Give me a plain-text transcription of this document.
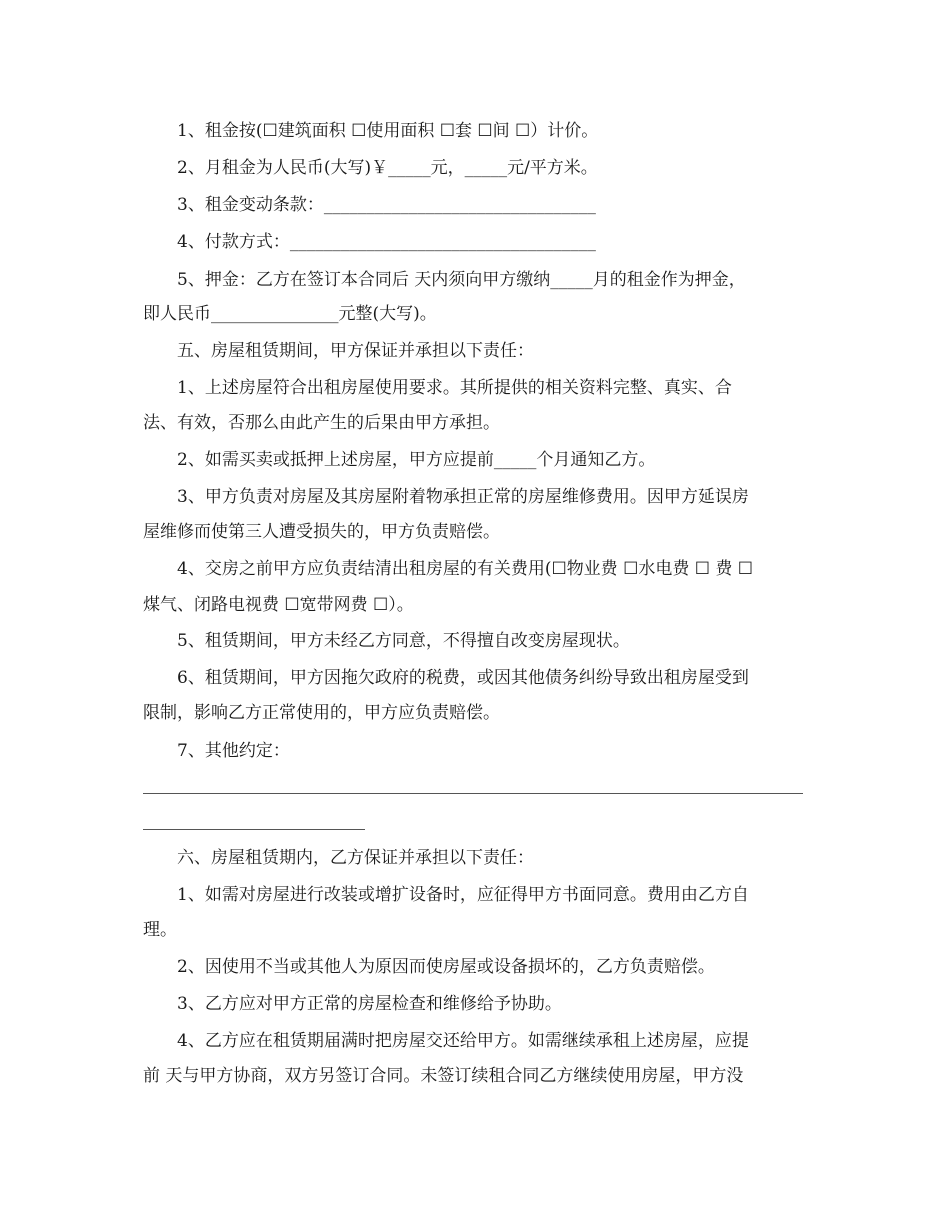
1、租金按(☐建筑面积 ☐使用面积 ☐套 ☐间 ☐）计价。

2、月租金为人民币(大写)￥_____元，_____元/平方米。

3、租金变动条款：________________________________

4、付款方式：____________________________________

5、押金：乙方在签订本合同后 天内须向甲方缴纳_____月的租金作为押金，

即人民币_______________元整(大写)。

五、房屋租赁期间，甲方保证并承担以下责任：

1、上述房屋符合出租房屋使用要求。其所提供的相关资料完整、真实、合

法、有效，否那么由此产生的后果由甲方承担。

2、如需买卖或抵押上述房屋，甲方应提前_____个月通知乙方。

3、甲方负责对房屋及其房屋附着物承担正常的房屋维修费用。因甲方延误房

屋维修而使第三人遭受损失的，甲方负责赔偿。

4、交房之前甲方应负责结清出租房屋的有关费用(☐物业费 ☐水电费 ☐ 费 ☐

煤气、闭路电视费 ☐宽带网费 ☐）。

5、租赁期间，甲方未经乙方同意，不得擅自改变房屋现状。

6、租赁期间，甲方因拖欠政府的税费，或因其他债务纠纷导致出租房屋受到

限制，影响乙方正常使用的，甲方应负责赔偿。

7、其他约定：

六、房屋租赁期内，乙方保证并承担以下责任：

1、如需对房屋进行改装或增扩设备时，应征得甲方书面同意。费用由乙方自

理。

2、因使用不当或其他人为原因而使房屋或设备损坏的，乙方负责赔偿。

3、乙方应对甲方正常的房屋检查和维修给予协助。

4、乙方应在租赁期届满时把房屋交还给甲方。如需继续承租上述房屋，应提

前 天与甲方协商，双方另签订合同。未签订续租合同乙方继续使用房屋，甲方没
